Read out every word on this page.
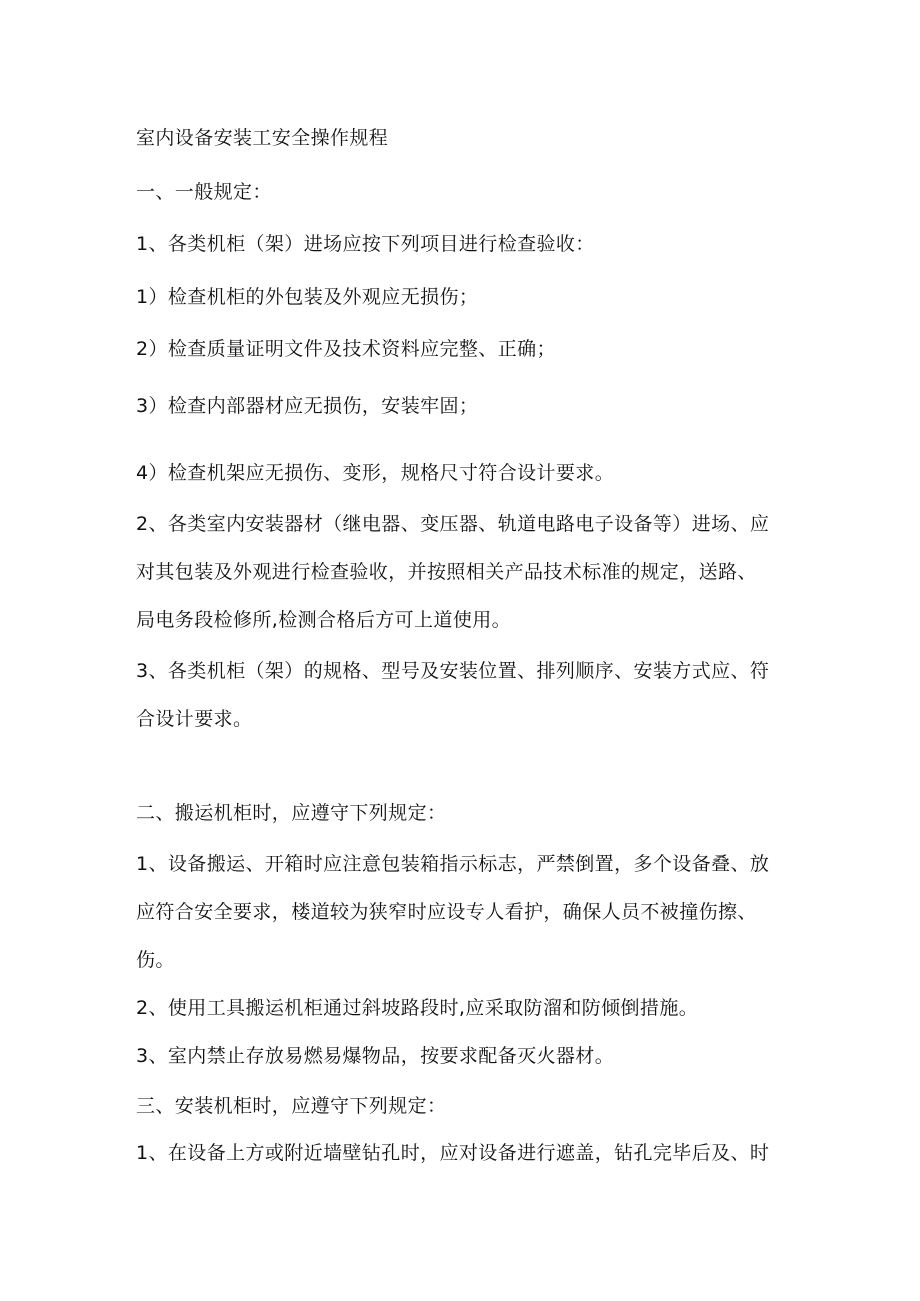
室内设备安装工安全操作规程
一、一般规定：
1、各类机柜（架）进场应按下列项目进行检查验收：
1）检查机柜的外包装及外观应无损伤；
2）检查质量证明文件及技术资料应完整、正确；
3）检查内部器材应无损伤，安装牢固；
4）检查机架应无损伤、变形，规格尺寸符合设计要求。
2、各类室内安装器材（继电器、变压器、轨道电路电子设备等）进场、应
对其包装及外观进行检查验收，并按照相关产品技术标准的规定，送路、
局电务段检修所,检测合格后方可上道使用。
3、各类机柜（架）的规格、型号及安装位置、排列顺序、安装方式应、符
合设计要求。
二、搬运机柜时，应遵守下列规定：
1、设备搬运、开箱时应注意包装箱指示标志，严禁倒置，多个设备叠、放
应符合安全要求，楼道较为狭窄时应设专人看护，确保人员不被撞伤擦、
伤。
2、使用工具搬运机柜通过斜坡路段时,应采取防溜和防倾倒措施。
3、室内禁止存放易燃易爆物品，按要求配备灭火器材。
三、安装机柜时，应遵守下列规定：
1、在设备上方或附近墙壁钻孔时，应对设备进行遮盖，钻孔完毕后及、时
